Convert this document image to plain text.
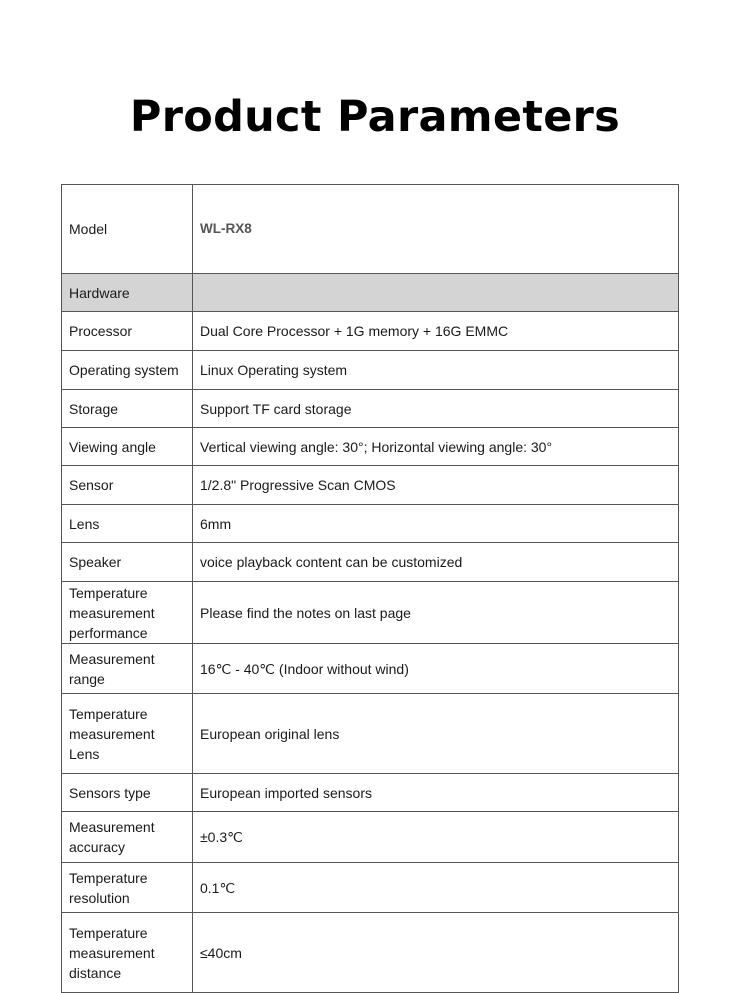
Product Parameters
Model	WL-RX8
Hardware	
Processor	Dual Core Processor + 1G memory + 16G EMMC
Operating system	Linux Operating system
Storage	Support TF card storage
Viewing angle	Vertical viewing angle: 30°; Horizontal viewing angle: 30°
Sensor	1/2.8" Progressive Scan CMOS
Lens	6mm
Speaker	voice playback content can be customized
Temperature
measurement
performance	Please find the notes on last page
Measurement
range	16℃ - 40℃ (Indoor without wind)
Temperature
measurement
Lens	European original lens
Sensors type	European imported sensors
Measurement
accuracy	±0.3℃
Temperature
resolution	0.1℃
Temperature
measurement
distance	≤40cm
